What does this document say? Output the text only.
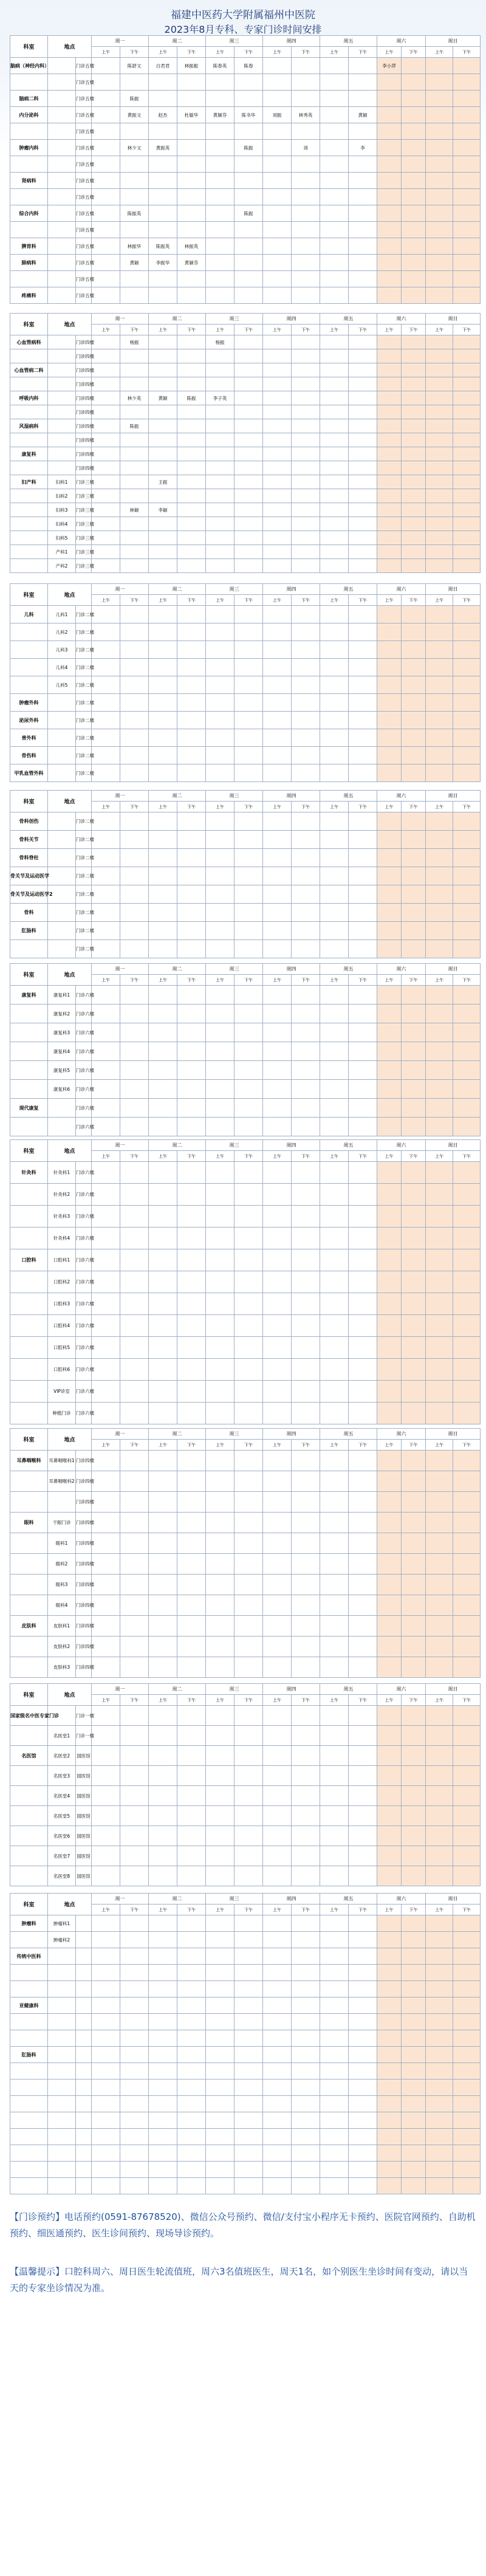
福建中医药大学附属福州中医院
2023年8月专科、专家门诊时间安排
科室	地点		周一		周二		周三		周四		周五		周六		周日	
			上午	下午	上午	下午	上午	下午	上午	下午	上午	下午	上午	下午	上午	下午
脑病（神经内科）		门诊五楼		陈舒文	白君君	林振振	陈春英	陈春					李小萍			
		门诊五楼														
脑病二科		门诊五楼		陈振												
内分泌科		门诊五楼		黄振文	赵杰	杜敏华	黄颖芬	陈书华	刘振	林秀英		黄颖				
		门诊五楼														
肿瘤内科		门诊五楼		林少文	黄振英			陈振		刘		李				
		门诊五楼														
肾病科		门诊五楼														
		门诊五楼														
综合内科		门诊五楼		陈振英				陈振								
		门诊五楼														
脾胃科		门诊五楼		林振华	陈振英	林振英										
肺病科		门诊五楼		黄颖	李振华	黄颖芬										
		门诊五楼														
疼痛科		门诊五楼														
科室	地点		周一		周二		周三		周四		周五		周六		周日	
			上午	下午	上午	下午	上午	下午	上午	下午	上午	下午	上午	下午	上午	下午
心血管病科		门诊四楼		杨振			杨振									
		门诊四楼														
心血管病二科		门诊四楼														
		门诊四楼														
呼吸内科		门诊四楼		林少英	黄颖	陈振	李子英									
		门诊四楼														
风湿病科		门诊四楼		陈振												
		门诊四楼														
康复科		门诊四楼														
		门诊四楼														
妇产科	妇科1	门诊三楼			王振											
	妇科2	门诊三楼														
	妇科3	门诊三楼		林颖	李颖											
	妇科4	门诊三楼														
	妇科5	门诊三楼														
	产科1	门诊三楼														
	产科2	门诊三楼														
科室	地点		周一		周二		周三		周四		周五		周六		周日	
			上午	下午	上午	下午	上午	下午	上午	下午	上午	下午	上午	下午	上午	下午
儿科	儿科1	门诊二楼														
	儿科2	门诊二楼														
	儿科3	门诊二楼														
	儿科4	门诊二楼														
	儿科5	门诊二楼														
肿瘤外科		门诊二楼														
泌尿外科		门诊二楼														
普外科		门诊二楼														
骨伤科		门诊二楼														
甲乳血管外科		门诊二楼														
科室	地点		周一		周二		周三		周四		周五		周六		周日	
			上午	下午	上午	下午	上午	下午	上午	下午	上午	下午	上午	下午	上午	下午
骨科创伤		门诊二楼														
骨科关节		门诊二楼														
骨科脊柱		门诊二楼														
骨关节及运动医学		门诊二楼														
骨关节及运动医学2		门诊二楼														
骨科		门诊二楼														
肛肠科		门诊二楼														
		门诊二楼														
科室	地点		周一		周二		周三		周四		周五		周六		周日	
			上午	下午	上午	下午	上午	下午	上午	下午	上午	下午	上午	下午	上午	下午
康复科	康复科1	门诊六楼														
	康复科2	门诊六楼														
	康复科3	门诊六楼														
	康复科4	门诊六楼														
	康复科5	门诊六楼														
	康复科6	门诊六楼														
现代康复		门诊六楼														
		门诊六楼														
科室	地点		周一		周二		周三		周四		周五		周六		周日	
			上午	下午	上午	下午	上午	下午	上午	下午	上午	下午	上午	下午	上午	下午
针灸科	针灸科1	门诊六楼														
	针灸科2	门诊六楼														
	针灸科3	门诊六楼														
	针灸科4	门诊六楼														
口腔科	口腔科1	门诊六楼														
	口腔科2	门诊六楼														
	口腔科3	门诊六楼														
	口腔科4	门诊六楼														
	口腔科5	门诊六楼														
	口腔科6	门诊六楼														
	VIP诊室	门诊六楼														
	种植门诊	门诊六楼														
科室	地点		周一		周二		周三		周四		周五		周六		周日	
			上午	下午	上午	下午	上午	下午	上午	下午	上午	下午	上午	下午	上午	下午
耳鼻咽喉科	耳鼻咽喉科1	门诊四楼														
	耳鼻咽喉科2	门诊四楼														
		门诊四楼														
眼科	干眼门诊	门诊四楼														
	眼科1	门诊四楼														
	眼科2	门诊四楼														
	眼科3	门诊四楼														
	眼科4	门诊四楼														
皮肤科	皮肤科1	门诊四楼														
	皮肤科2	门诊四楼														
	皮肤科3	门诊四楼														
科室	地点		周一		周二		周三		周四		周五		周六		周日	
			上午	下午	上午	下午	上午	下午	上午	下午	上午	下午	上午	下午	上午	下午
国家级名中医专家门诊		门诊一楼														
	名医堂1	门诊一楼														
名医馆	名医堂2	国医馆														
	名医堂3	国医馆														
	名医堂4	国医馆														
	名医堂5	国医馆														
	名医堂6	国医馆														
	名医堂7	国医馆														
	名医堂8	国医馆														
科室	地点		周一		周二		周三		周四		周五		周六		周日	
			上午	下午	上午	下午	上午	下午	上午	下午	上午	下午	上午	下午	上午	下午
肿瘤科	肿瘤科1															
	肿瘤科2															
传统中医科																

亚健康科																

肛肠科																

【门诊预约】电话预约(0591-87678520)、微信公众号预约、微信/支付宝小程序无卡预约、医院官网预约、自助机预约、细医通预约、医生诊间预约、现场导诊预约。
【温馨提示】口腔科周六、周日医生轮流值班，周六3名值班医生，周天1名，如个别医生坐诊时间有变动，请以当天的专家坐诊情况为准。
